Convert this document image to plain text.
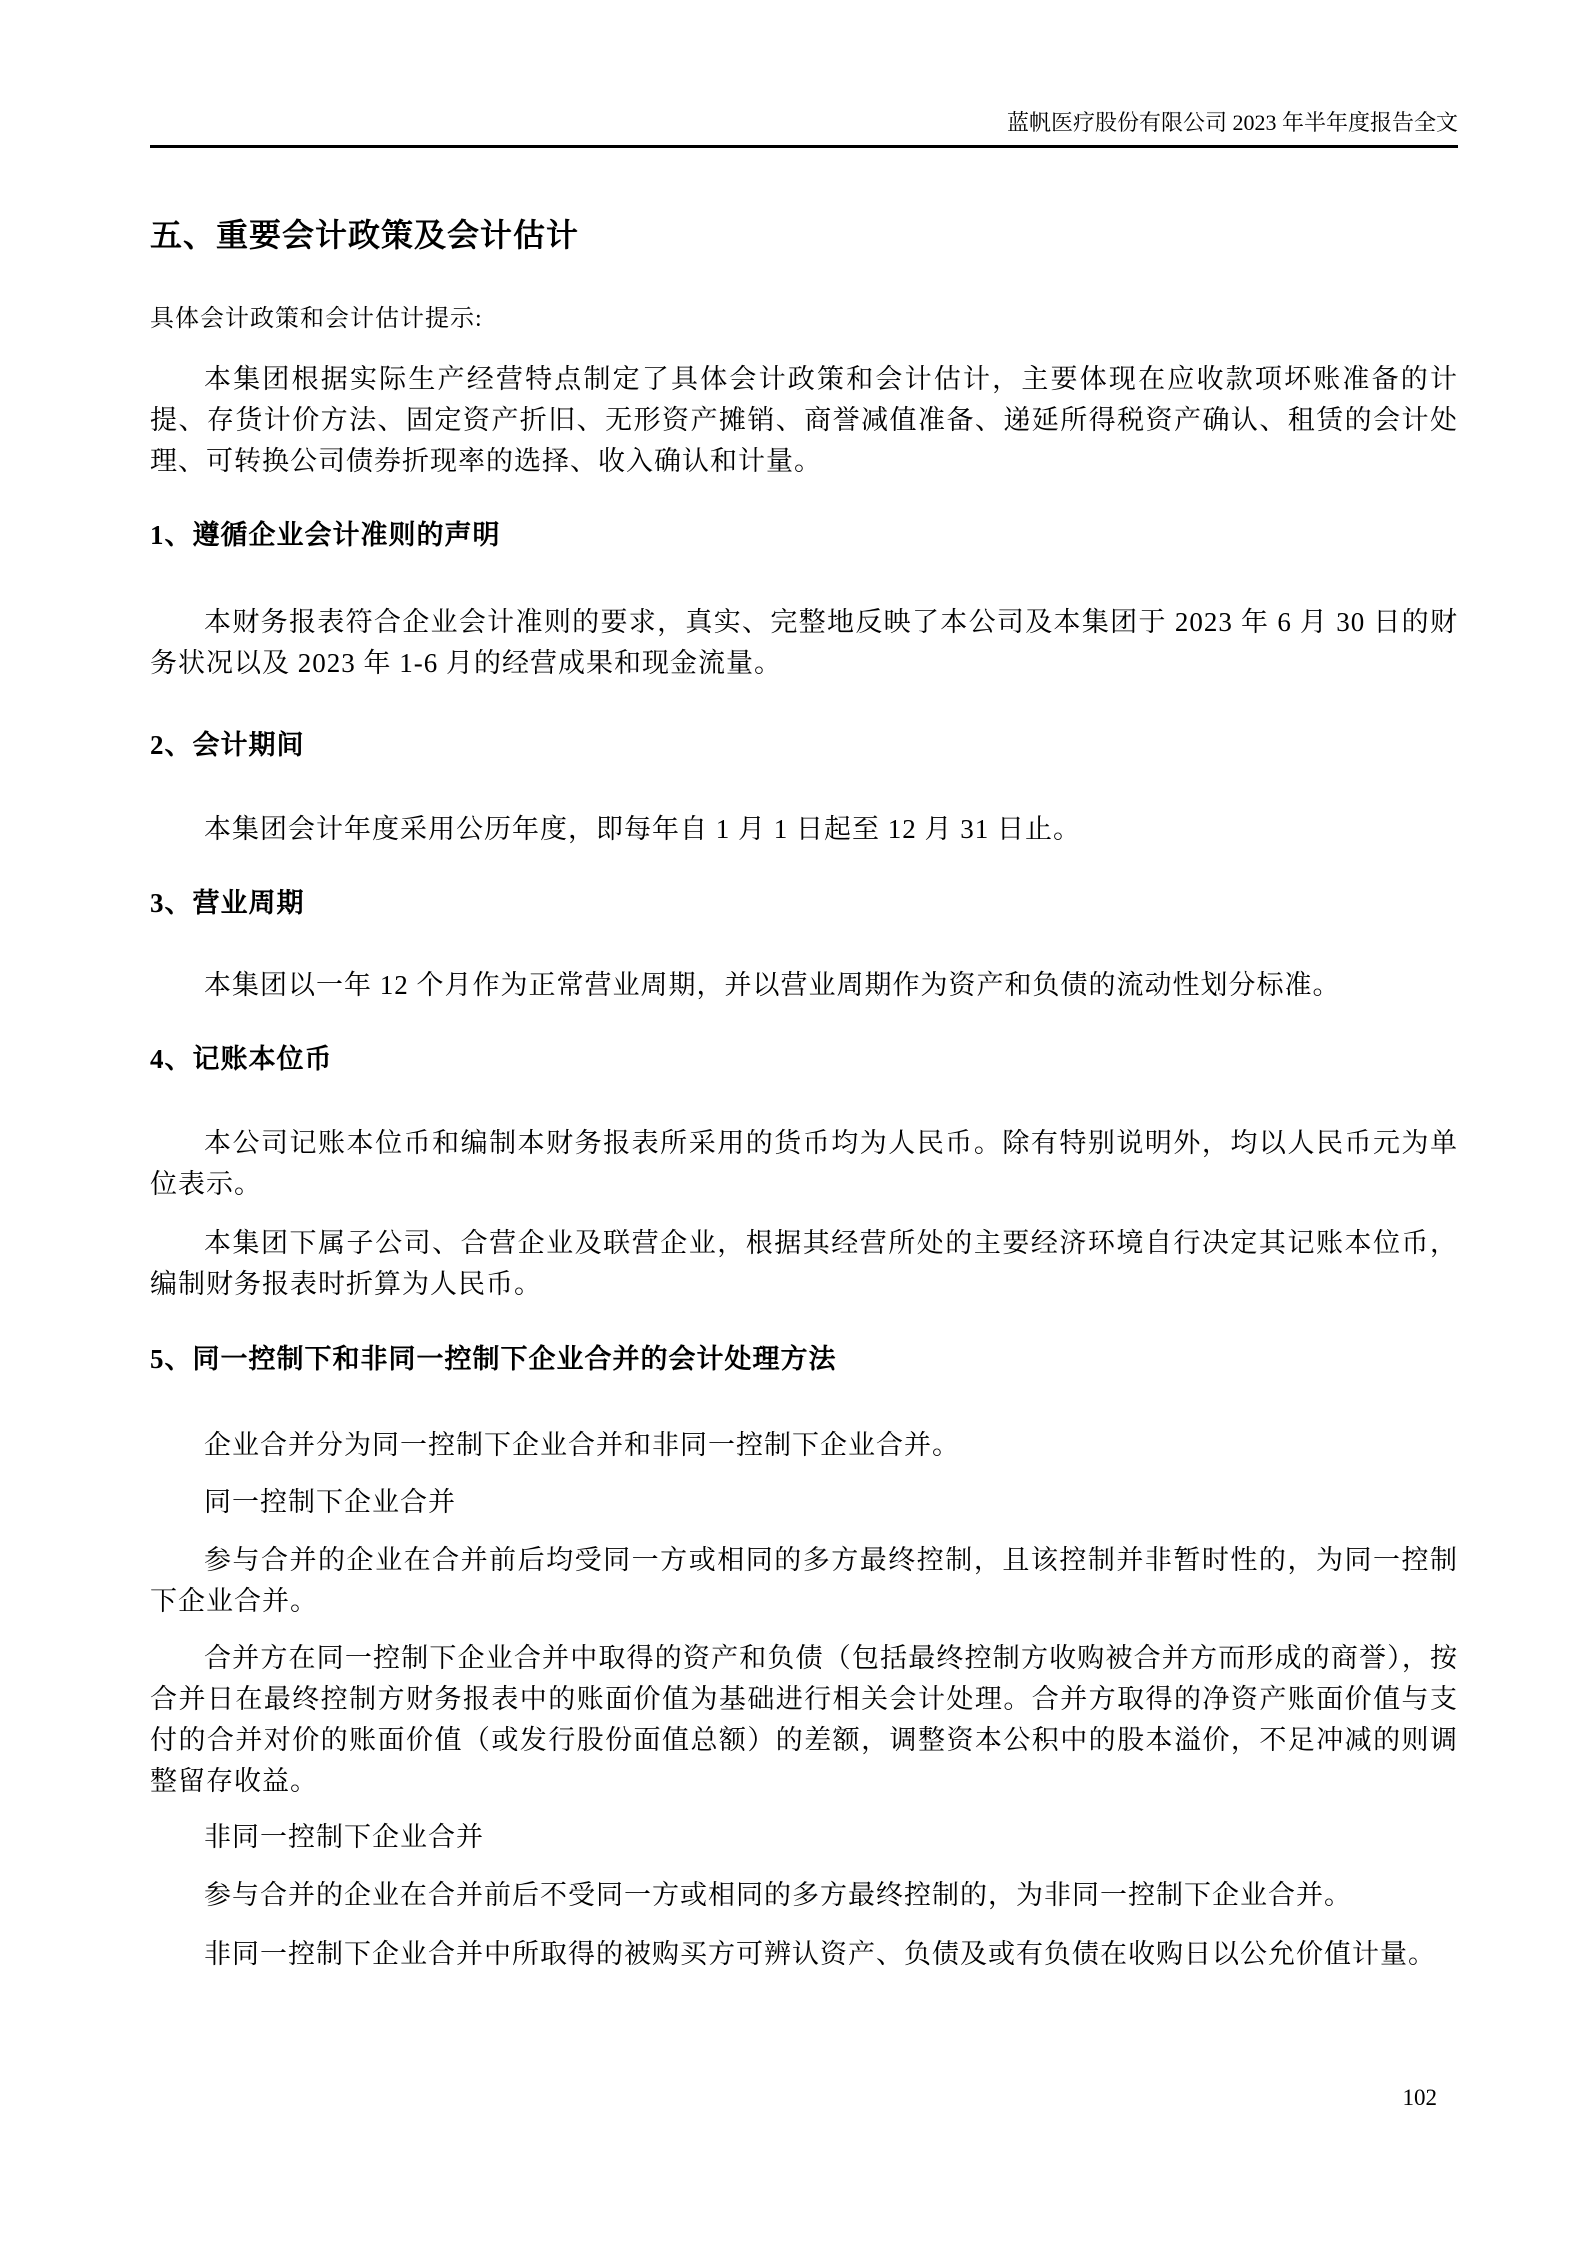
蓝帆医疗股份有限公司 2023 年半年度报告全文
五、重要会计政策及会计估计

具体会计政策和会计估计提示:

本集团根据实际生产经营特点制定了具体会计政策和会计估计，主要体现在应收款项坏账准备的计提、存货计价方法、固定资产折旧、无形资产摊销、商誉减值准备、递延所得税资产确认、租赁的会计处理、可转换公司债券折现率的选择、收入确认和计量。

1、遵循企业会计准则的声明

本财务报表符合企业会计准则的要求，真实、完整地反映了本公司及本集团于 2023 年 6 月 30 日的财务状况以及 2023 年 1-6 月的经营成果和现金流量。

2、会计期间

本集团会计年度采用公历年度，即每年自 1 月 1 日起至 12 月 31 日止。

3、营业周期

本集团以一年 12 个月作为正常营业周期，并以营业周期作为资产和负债的流动性划分标准。

4、记账本位币

本公司记账本位币和编制本财务报表所采用的货币均为人民币。除有特别说明外，均以人民币元为单位表示。

本集团下属子公司、合营企业及联营企业，根据其经营所处的主要经济环境自行决定其记账本位币，编制财务报表时折算为人民币。

5、同一控制下和非同一控制下企业合并的会计处理方法

企业合并分为同一控制下企业合并和非同一控制下企业合并。

同一控制下企业合并

参与合并的企业在合并前后均受同一方或相同的多方最终控制，且该控制并非暂时性的，为同一控制下企业合并。

合并方在同一控制下企业合并中取得的资产和负债（包括最终控制方收购被合并方而形成的商誉），按合并日在最终控制方财务报表中的账面价值为基础进行相关会计处理。合并方取得的净资产账面价值与支付的合并对价的账面价值（或发行股份面值总额）的差额，调整资本公积中的股本溢价，不足冲减的则调整留存收益。

非同一控制下企业合并

参与合并的企业在合并前后不受同一方或相同的多方最终控制的，为非同一控制下企业合并。

非同一控制下企业合并中所取得的被购买方可辨认资产、负债及或有负债在收购日以公允价值计量。

102
